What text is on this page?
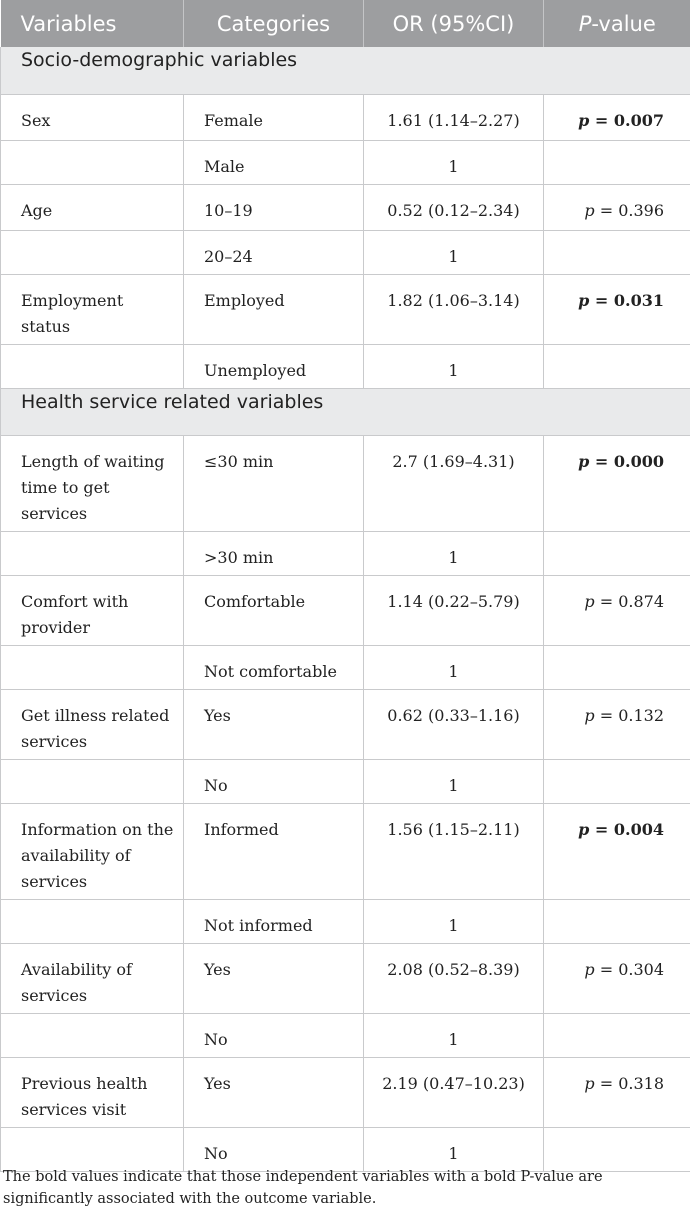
Variables	Categories	OR (95%CI)	P-value
Socio-demographic variables			
Sex	Female	1.61 (1.14–2.27)	p = 0.007
	Male	1	
Age	10–19	0.52 (0.12–2.34)	p = 0.396
	20–24	1	
Employment status	Employed	1.82 (1.06–3.14)	p = 0.031
	Unemployed	1	
Health service related variables			
Length of waiting time to get services	≤30 min	2.7 (1.69–4.31)	p = 0.000
	>30 min	1	
Comfort with provider	Comfortable	1.14 (0.22–5.79)	p = 0.874
	Not comfortable	1	
Get illness related services	Yes	0.62 (0.33–1.16)	p = 0.132
	No	1	
Information on the availability of services	Informed	1.56 (1.15–2.11)	p = 0.004
	Not informed	1	
Availability of services	Yes	2.08 (0.52–8.39)	p = 0.304
	No	1	
Previous health services visit	Yes	2.19 (0.47–10.23)	p = 0.318
	No	1	
The bold values indicate that those independent variables with a bold P-value are significantly associated with the outcome variable.
